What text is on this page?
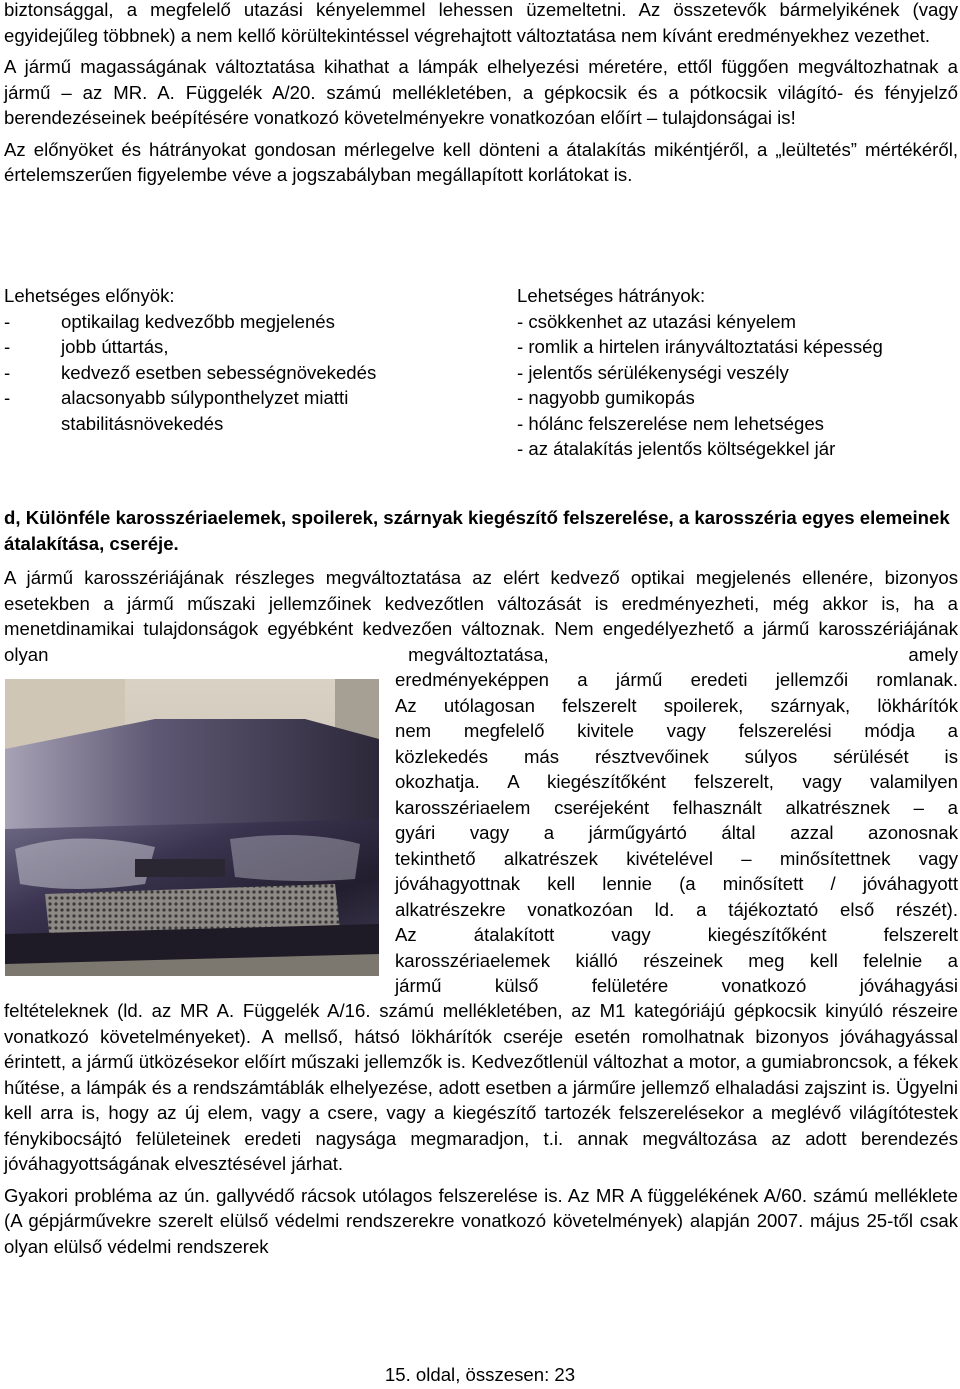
biztonsággal, a megfelelő utazási kényelemmel lehessen üzemeltetni. Az összetevők bármelyikének (vagy egyidejűleg többnek) a nem kellő körültekintéssel végrehajtott változtatása nem kívánt eredményekhez vezethet.

A jármű magasságának változtatása kihathat a lámpák elhelyezési méretére, ettől függően megváltozhatnak a jármű – az MR. A. Függelék A/20. számú mellékletében, a gépkocsik és a pótkocsik világító- és fényjelző berendezéseinek beépítésére vonatkozó követelményekre vonatkozóan előírt – tulajdonságai is!

Az előnyöket és hátrányokat gondosan mérlegelve kell dönteni a átalakítás mikéntjéről, a „leültetés” mértékéről, értelemszerűen figyelembe véve a jogszabályban megállapított korlátokat is.

Lehetséges előnyök:
-	optikailag kedvezőbb megjelenés
-	jobb úttartás,
-	kedvező esetben sebességnövekedés
-	alacsonyabb súlyponthelyzet miatti stabilitásnövekedés
Lehetséges hátrányok:
- csökkenhet az utazási kényelem
- romlik a hirtelen irányváltoztatási képesség
- jelentős sérülékenységi veszély
- nagyobb gumikopás
- hólánc felszerelése nem lehetséges
- az átalakítás jelentős költségekkel jár
d, Különféle karosszériaelemek, spoilerek, szárnyak kiegészítő felszerelése, a karosszéria egyes elemeinek átalakítása, cseréje.

A jármű karosszériájának részleges megváltoztatása az elért kedvező optikai megjelenés ellenére, bizonyos esetekben a jármű műszaki jellemzőinek kedvezőtlen változását is eredményezheti, még akkor is, ha a menetdinamikai tulajdonságok egyébként kedvezően változnak. Nem engedélyezhető a jármű karosszériájának olyan megváltoztatása, amely

eredményeképpen a jármű eredeti jellemzői romlanak.

Az utólagosan felszerelt spoilerek, szárnyak, lökhárítók

nem megfelelő kivitele vagy felszerelési módja a

közlekedés más résztvevőinek súlyos sérülését is

okozhatja. A kiegészítőként felszerelt, vagy valamilyen

karosszériaelem cseréjeként felhasznált alkatrésznek – a

gyári vagy a járműgyártó által azzal azonosnak

tekinthető alkatrészek kivételével – minősítettnek vagy

jóváhagyottnak kell lennie (a minősített / jóváhagyott

alkatrészekre vonatkozóan ld. a tájékoztató első részét).

Az átalakított vagy kiegészítőként felszerelt

karosszériaelemek kiálló részeinek meg kell felelnie a

jármű külső felületére vonatkozó jóváhagyási

feltételeknek (ld. az MR A. Függelék A/16. számú mellékletében, az M1 kategóriájú gépkocsik kinyúló részeire vonatkozó követelményeket). A mellső, hátsó lökhárítók cseréje esetén romolhatnak bizonyos jóváhagyással érintett, a jármű ütközésekor előírt műszaki jellemzők is. Kedvezőtlenül változhat a motor, a gumiabroncsok, a fékek hűtése, a lámpák és a rendszámtáblák elhelyezése, adott esetben a járműre jellemző elhaladási zajszint is. Ügyelni kell arra is, hogy az új elem, vagy a csere, vagy a kiegészítő tartozék felszerelésekor a meglévő világítótestek fénykibocsájtó felületeinek eredeti nagysága megmaradjon, t.i. annak megváltozása az adott berendezés jóváhagyottságának elvesztésével járhat.

Gyakori probléma az ún. gallyvédő rácsok utólagos felszerelése is. Az MR A függelékének A/60. számú melléklete (A gépjárművekre szerelt elülső védelmi rendszerekre vonatkozó követelmények) alapján 2007. május 25-től csak olyan elülső védelmi rendszerek

15. oldal, összesen: 23
